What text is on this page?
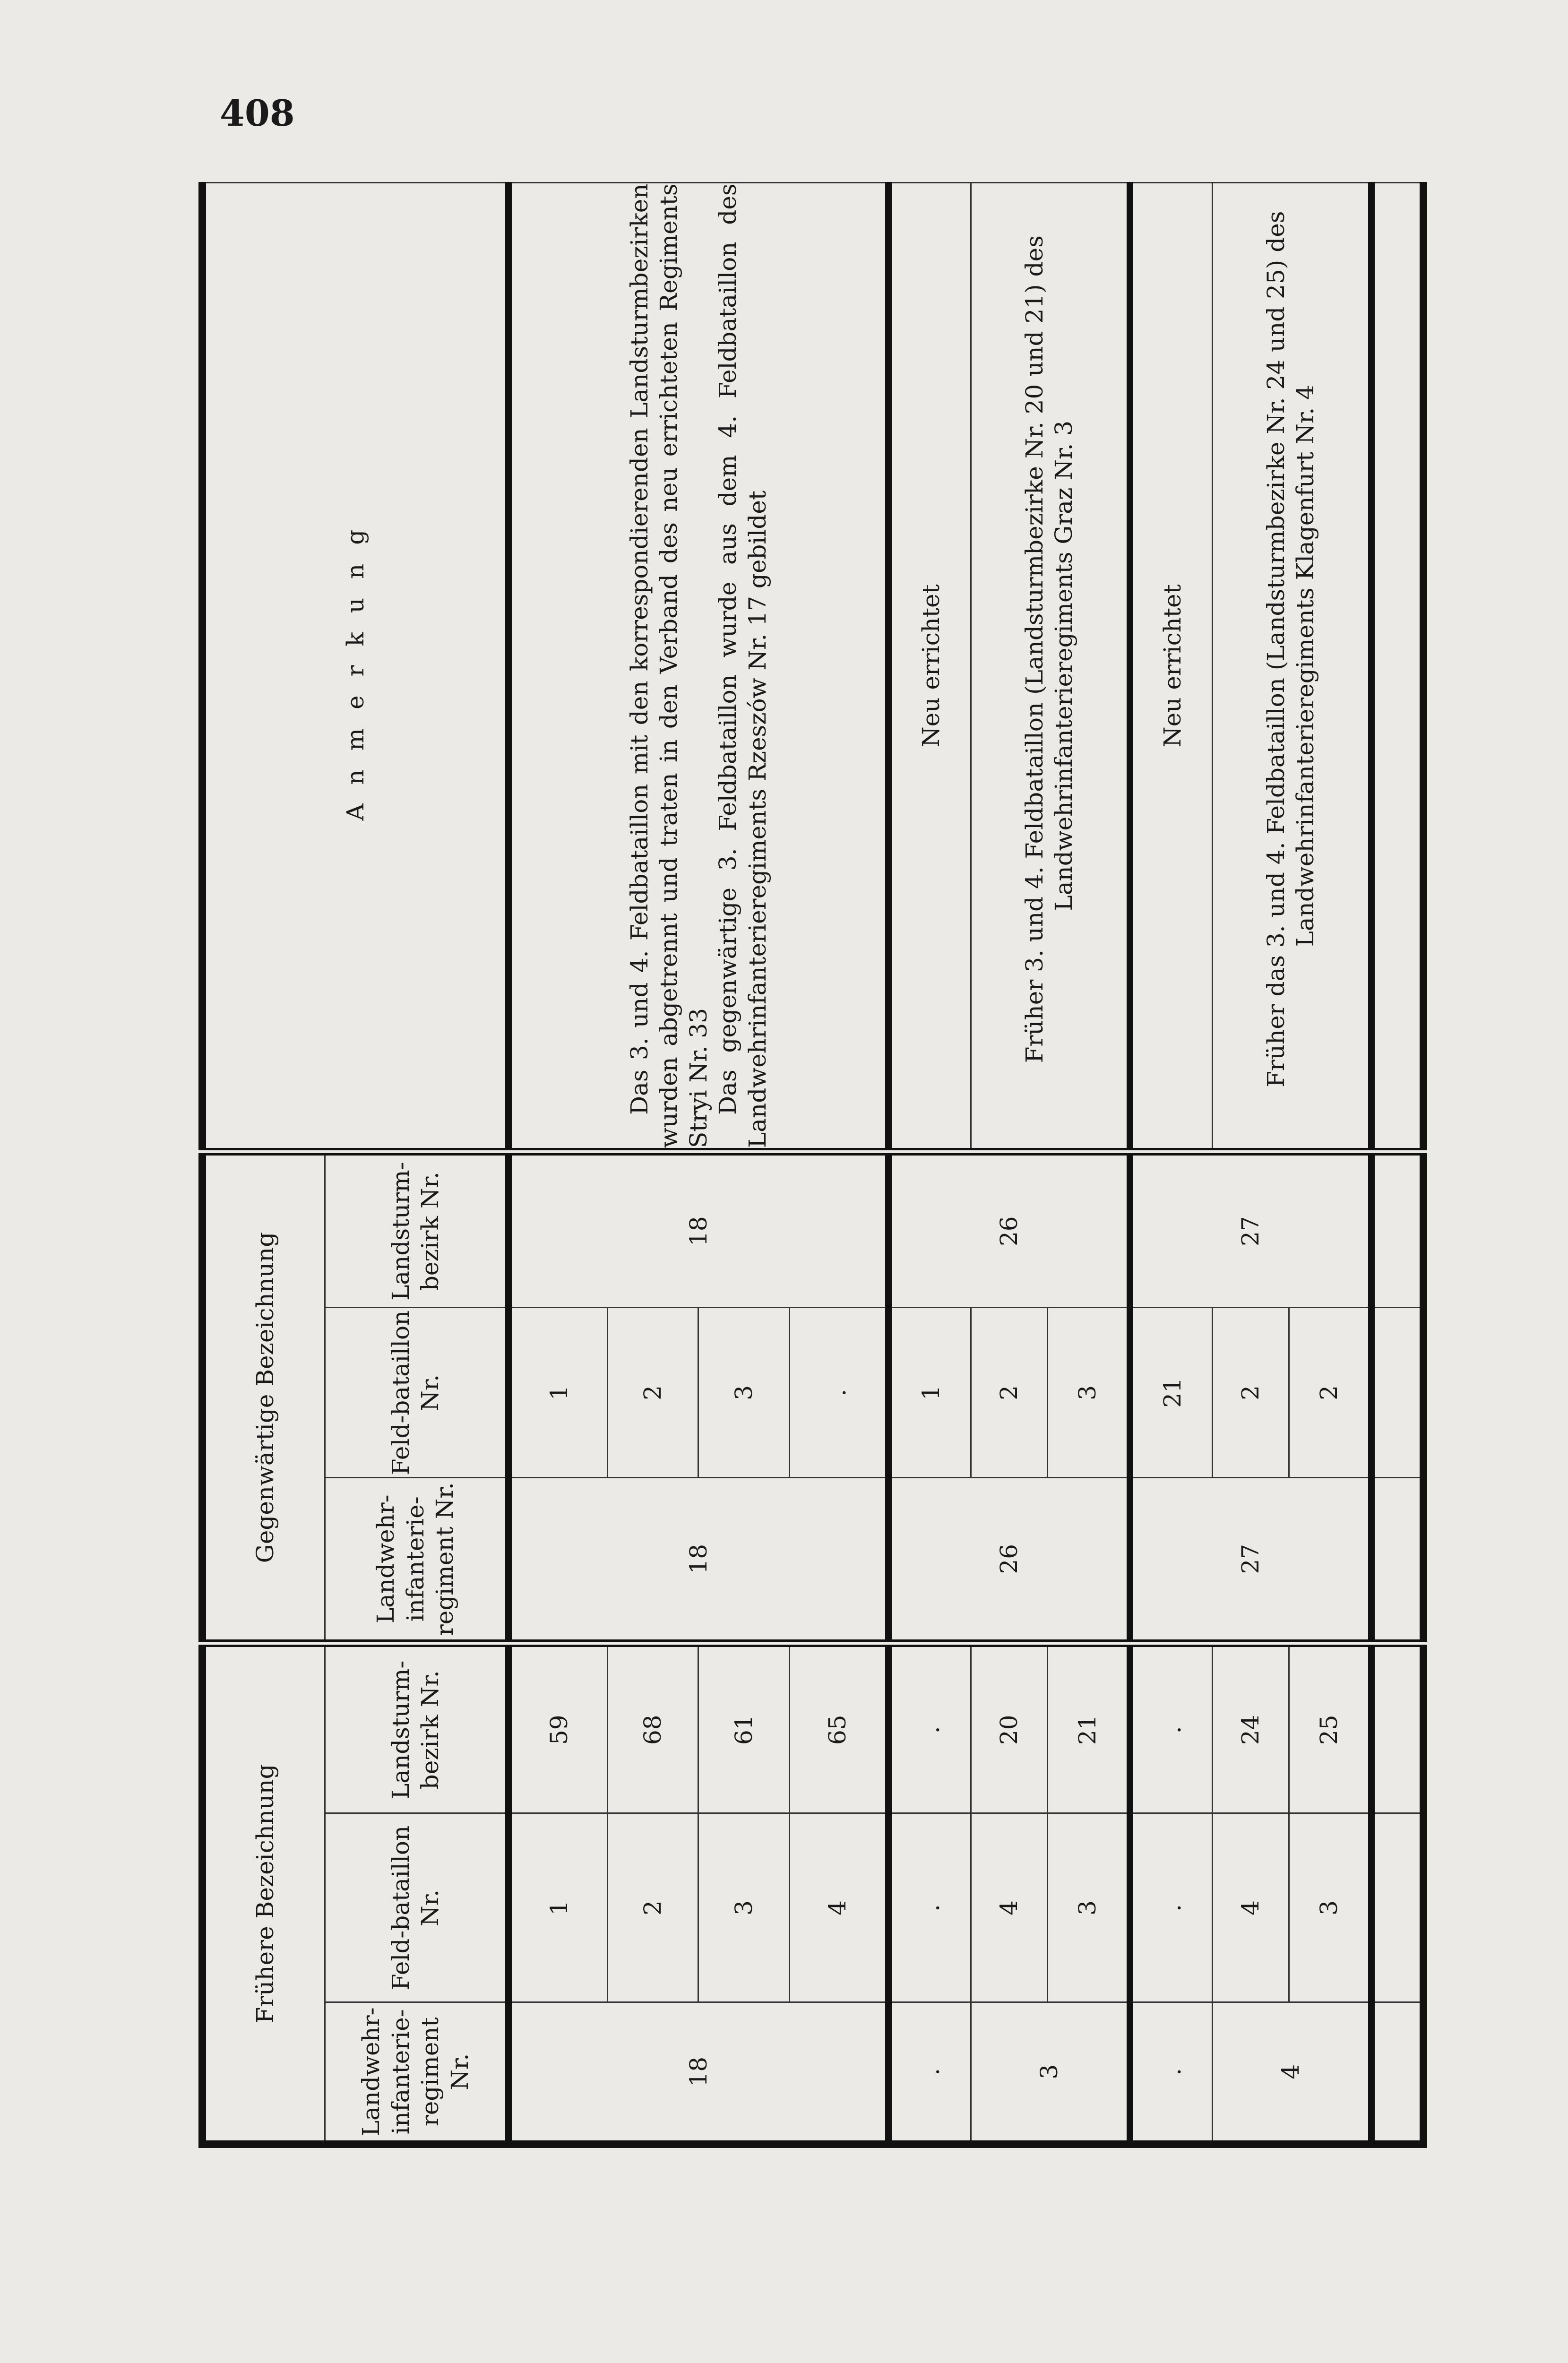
408
Frühere Bezeichnung			Gegenwärtige Bezeichnung			Anmerkung
Landwehr-infanterie-regiment Nr.	Feld-bataillon Nr.	Landsturm-bezirk Nr.	Landwehr-infanterie-regiment Nr.	Feld-bataillon Nr.	Landsturm-bezirk Nr.	
18	1	59	18	1	18	Das 3. und 4. Feldbataillon mit den korrespondierenden Landsturmbezirken wurden abgetrennt und traten in den Verband des neu errichteten Regiments Stryi Nr. 33 Das gegenwärtige 3. Feldbataillon wurde aus dem 4. Feldbataillon des Landwehrinfanterieregiments Rzeszów Nr. 17 gebildet

	2	68		2		
	3	61		3		
	4	65		.		
.	.	.	26	1	26	Neu errichtet
3	4	20		2		Früher 3. und 4. Feldbataillon (Landsturmbezirke Nr. 20 und 21) des Landwehrinfanterieregiments Graz Nr. 3

	3	21		3		
.	.	.	27	21	27	Neu errichtet
4	4	24		2		Früher das 3. und 4. Feldbataillon (Landsturmbezirke Nr. 24 und 25) des Landwehrinfanterieregiments Klagenfurt Nr. 4

	3	25		2		
